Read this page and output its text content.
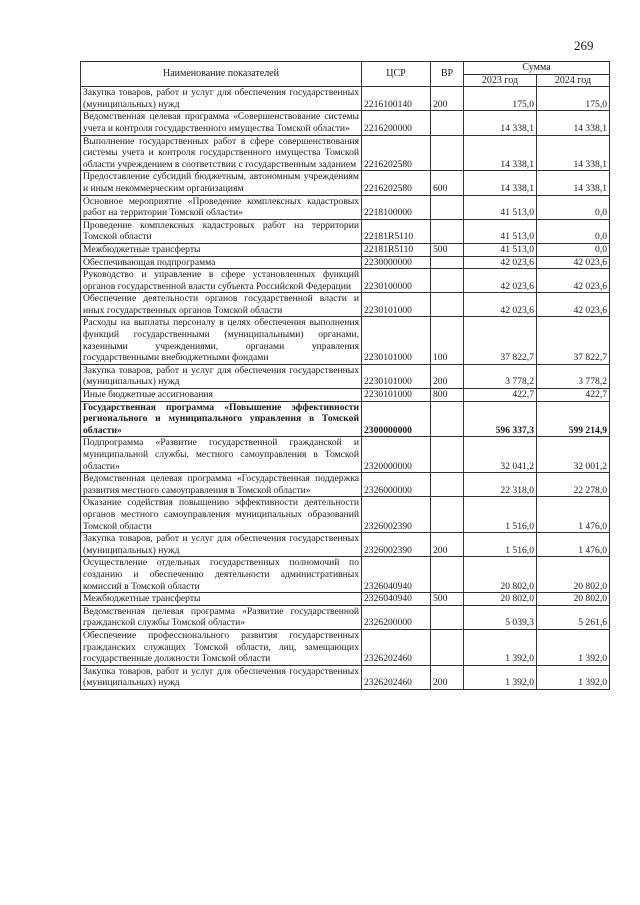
269
Наименование показателей	ЦСР	ВР	Сумма	
			2023 год	2024 год
Закупка товаров, работ и услуг для обеспечения государственных (муниципальных) нужд	2216100140	200	175,0	175,0
Ведомственная целевая программа «Совершенствование системы учета и контроля государственного имущества Томской области»	2216200000		14 338,1	14 338,1
Выполнение государственных работ в сфере совершенствования системы учета и контроля государственного имущества Томской области учреждением в соответствии с государственным заданием	2216202580		14 338,1	14 338,1
Предоставление субсидий бюджетным, автономным учреждениям и иным некоммерческим организациям	2216202580	600	14 338,1	14 338,1
Основное мероприятие «Проведение комплексных кадастровых работ на территории Томской области»	2218100000		41 513,0	0,0
Проведение комплексных кадастровых работ на территории Томской области	22181R5110		41 513,0	0,0
Межбюджетные трансферты	22181R5110	500	41 513,0	0,0
Обеспечивающая подпрограмма	2230000000		42 023,6	42 023,6
Руководство и управление в сфере установленных функций органов государственной власти субъекта Российской Федерации	2230100000		42 023,6	42 023,6
Обеспечение деятельности органов государственной власти и иных государственных органов Томской области	2230101000		42 023,6	42 023,6
Расходы на выплаты персоналу в целях обеспечения выполнения функций государственными (муниципальными) органами, казенными учреждениями, органами управления государственными внебюджетными фондами	2230101000	100	37 822,7	37 822,7
Закупка товаров, работ и услуг для обеспечения государственных (муниципальных) нужд	2230101000	200	3 778,2	3 778,2
Иные бюджетные ассигнования	2230101000	800	422,7	422,7
Государственная программа «Повышение эффективности регионального и муниципального управления в Томской области»	2300000000		596 337,3	599 214,9
Подпрограмма «Развитие государственной гражданской и муниципальной службы, местного самоуправления в Томской области»	2320000000		32 041,2	32 001,2
Ведомственная целевая программа «Государственная поддержка развития местного самоуправления в Томской области»	2326000000		22 318,0	22 278,0
Оказание содействия повышению эффективности деятельности органов местного самоуправления муниципальных образований Томской области	2326002390		1 516,0	1 476,0
Закупка товаров, работ и услуг для обеспечения государственных (муниципальных) нужд	2326002390	200	1 516,0	1 476,0
Осуществление отдельных государственных полномочий по созданию и обеспечению деятельности административных комиссий в Томской области	2326040940		20 802,0	20 802,0
Межбюджетные трансферты	2326040940	500	20 802,0	20 802,0
Ведомственная целевая программа «Развитие государственной гражданской службы Томской области»	2326200000		5 039,3	5 261,6
Обеспечение профессионального развития государственных гражданских служащих Томской области, лиц, замещающих государственные должности Томской области	2326202460		1 392,0	1 392,0
Закупка товаров, работ и услуг для обеспечения государственных (муниципальных) нужд	2326202460	200	1 392,0	1 392,0
